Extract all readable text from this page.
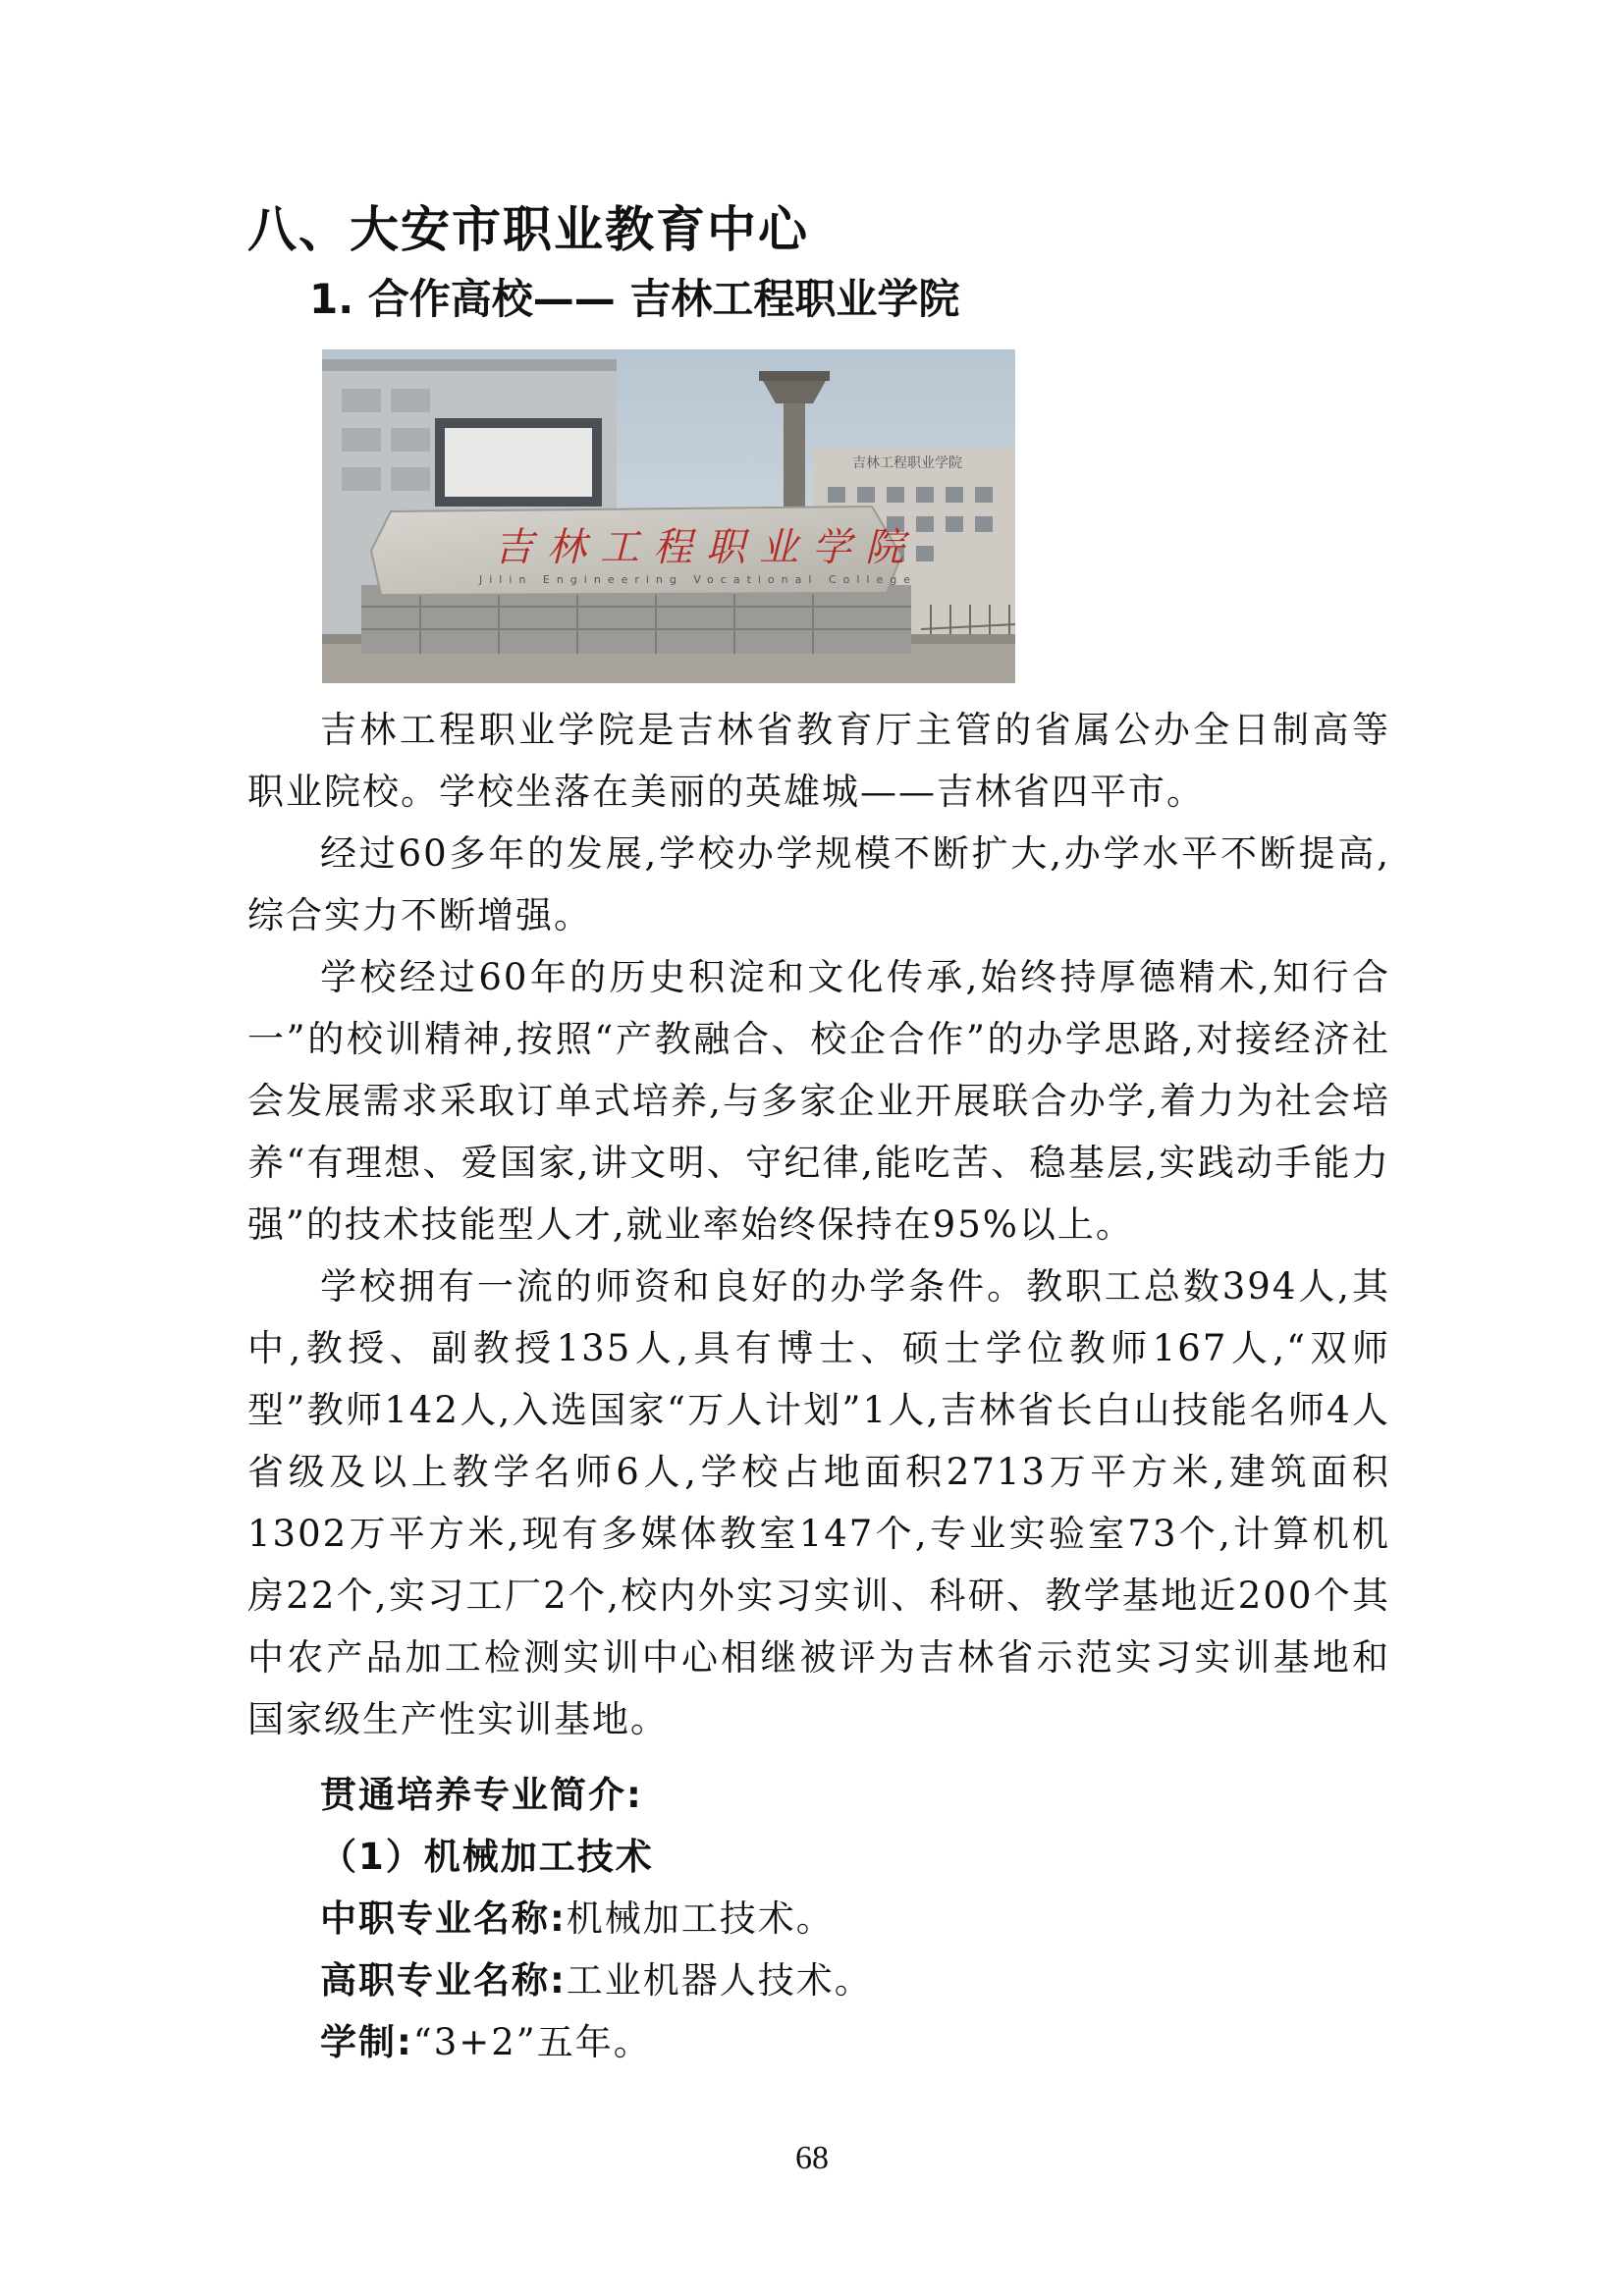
八、大安市职业教育中心
1. 合作高校—— 吉林工程职业学院
吉林工程职业学院
吉林工程职业学院
Jilin Engineering Vocational College

吉林工程职业学院是吉林省教育厅主管的省属公办全日制高等职业院校。学校坐落在美丽的英雄城——吉林省四平市。

经过60多年的发展,学校办学规模不断扩大,办学水平不断提高,综合实力不断增强。

学校经过60年的历史积淀和文化传承,始终持厚德精术,知行合一”的校训精神,按照“产教融合、校企合作”的办学思路,对接经济社会发展需求采取订单式培养,与多家企业开展联合办学,着力为社会培养“有理想、爱国家,讲文明、守纪律,能吃苦、稳基层,实践动手能力强”的技术技能型人才,就业率始终保持在95%以上。

学校拥有一流的师资和良好的办学条件。教职工总数394人,其中,教授、副教授135人,具有博士、硕士学位教师167人,“双师型”教师142人,入选国家“万人计划”1人,吉林省长白山技能名师4人省级及以上教学名师6人,学校占地面积2713万平方米,建筑面积1302万平方米,现有多媒体教室147个,专业实验室73个,计算机机房22个,实习工厂2个,校内外实习实训、科研、教学基地近200个其中农产品加工检测实训中心相继被评为吉林省示范实习实训基地和国家级生产性实训基地。

贯通培养专业简介:

（1）机械加工技术

中职专业名称:机械加工技术。

高职专业名称:工业机器人技术。

学制:“3+2”五年。

68
